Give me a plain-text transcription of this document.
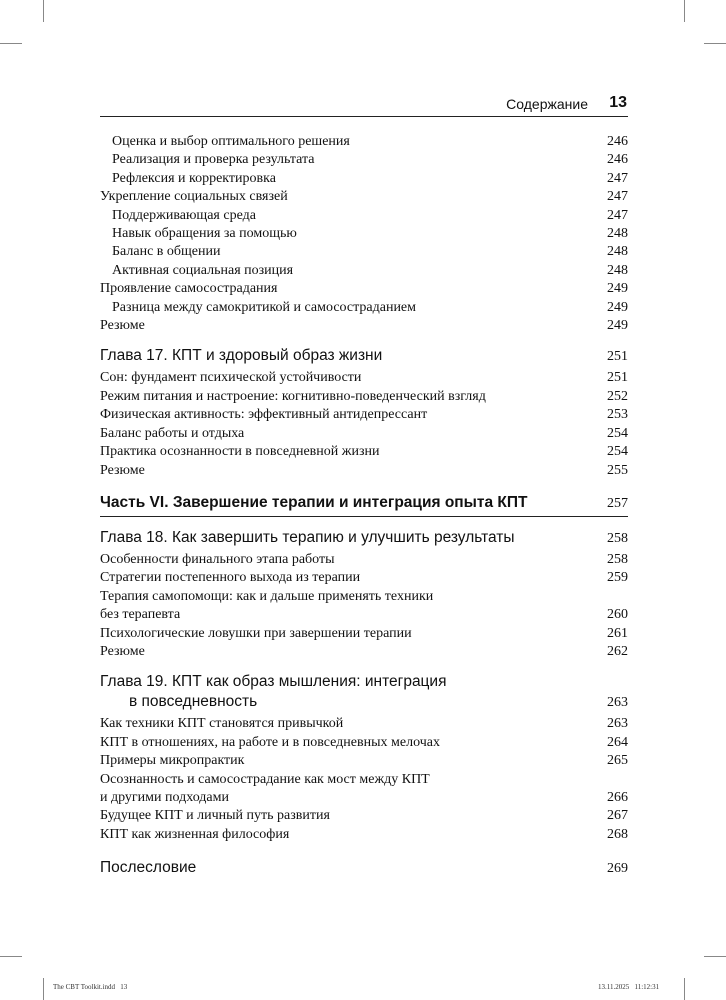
Содержание 13
Оценка и выбор оптимального решения	246
Реализация и проверка результата	246
Рефлексия и корректировка	247
Укрепление социальных связей	247
Поддерживающая среда	247
Навык обращения за помощью	248
Баланс в общении	248
Активная социальная позиция	248
Проявление самосострадания	249
Разница между самокритикой и самосостраданием	249
Резюме	249
Глава 17. КПТ и здоровый образ жизни	251
Сон: фундамент психической устойчивости	251
Режим питания и настроение: когнитивно-поведенческий взгляд	252
Физическая активность: эффективный антидепрессант	253
Баланс работы и отдыха	254
Практика осознанности в повседневной жизни	254
Резюме	255
Часть VI. Завершение терапии и интеграция опыта КПТ	257
Глава 18. Как завершить терапию и улучшить результаты	258
Особенности финального этапа работы	258
Стратегии постепенного выхода из терапии	259
Терапия самопомощи: как и дальше применять техники
без терапевта	260
Психологические ловушки при завершении терапии	261
Резюме	262
Глава 19. КПТ как образ мышления: интеграция
в повседневность	263
Как техники КПТ становятся привычкой	263
КПТ в отношениях, на работе и в повседневных мелочах	264
Примеры микропрактик	265
Осознанность и самосострадание как мост между КПТ
и другими подходами	266
Будущее КПТ и личный путь развития	267
КПТ как жизненная философия	268
Послесловие	269
The CBT Toolkit.indd   13	13.11.2025   11:12:31
